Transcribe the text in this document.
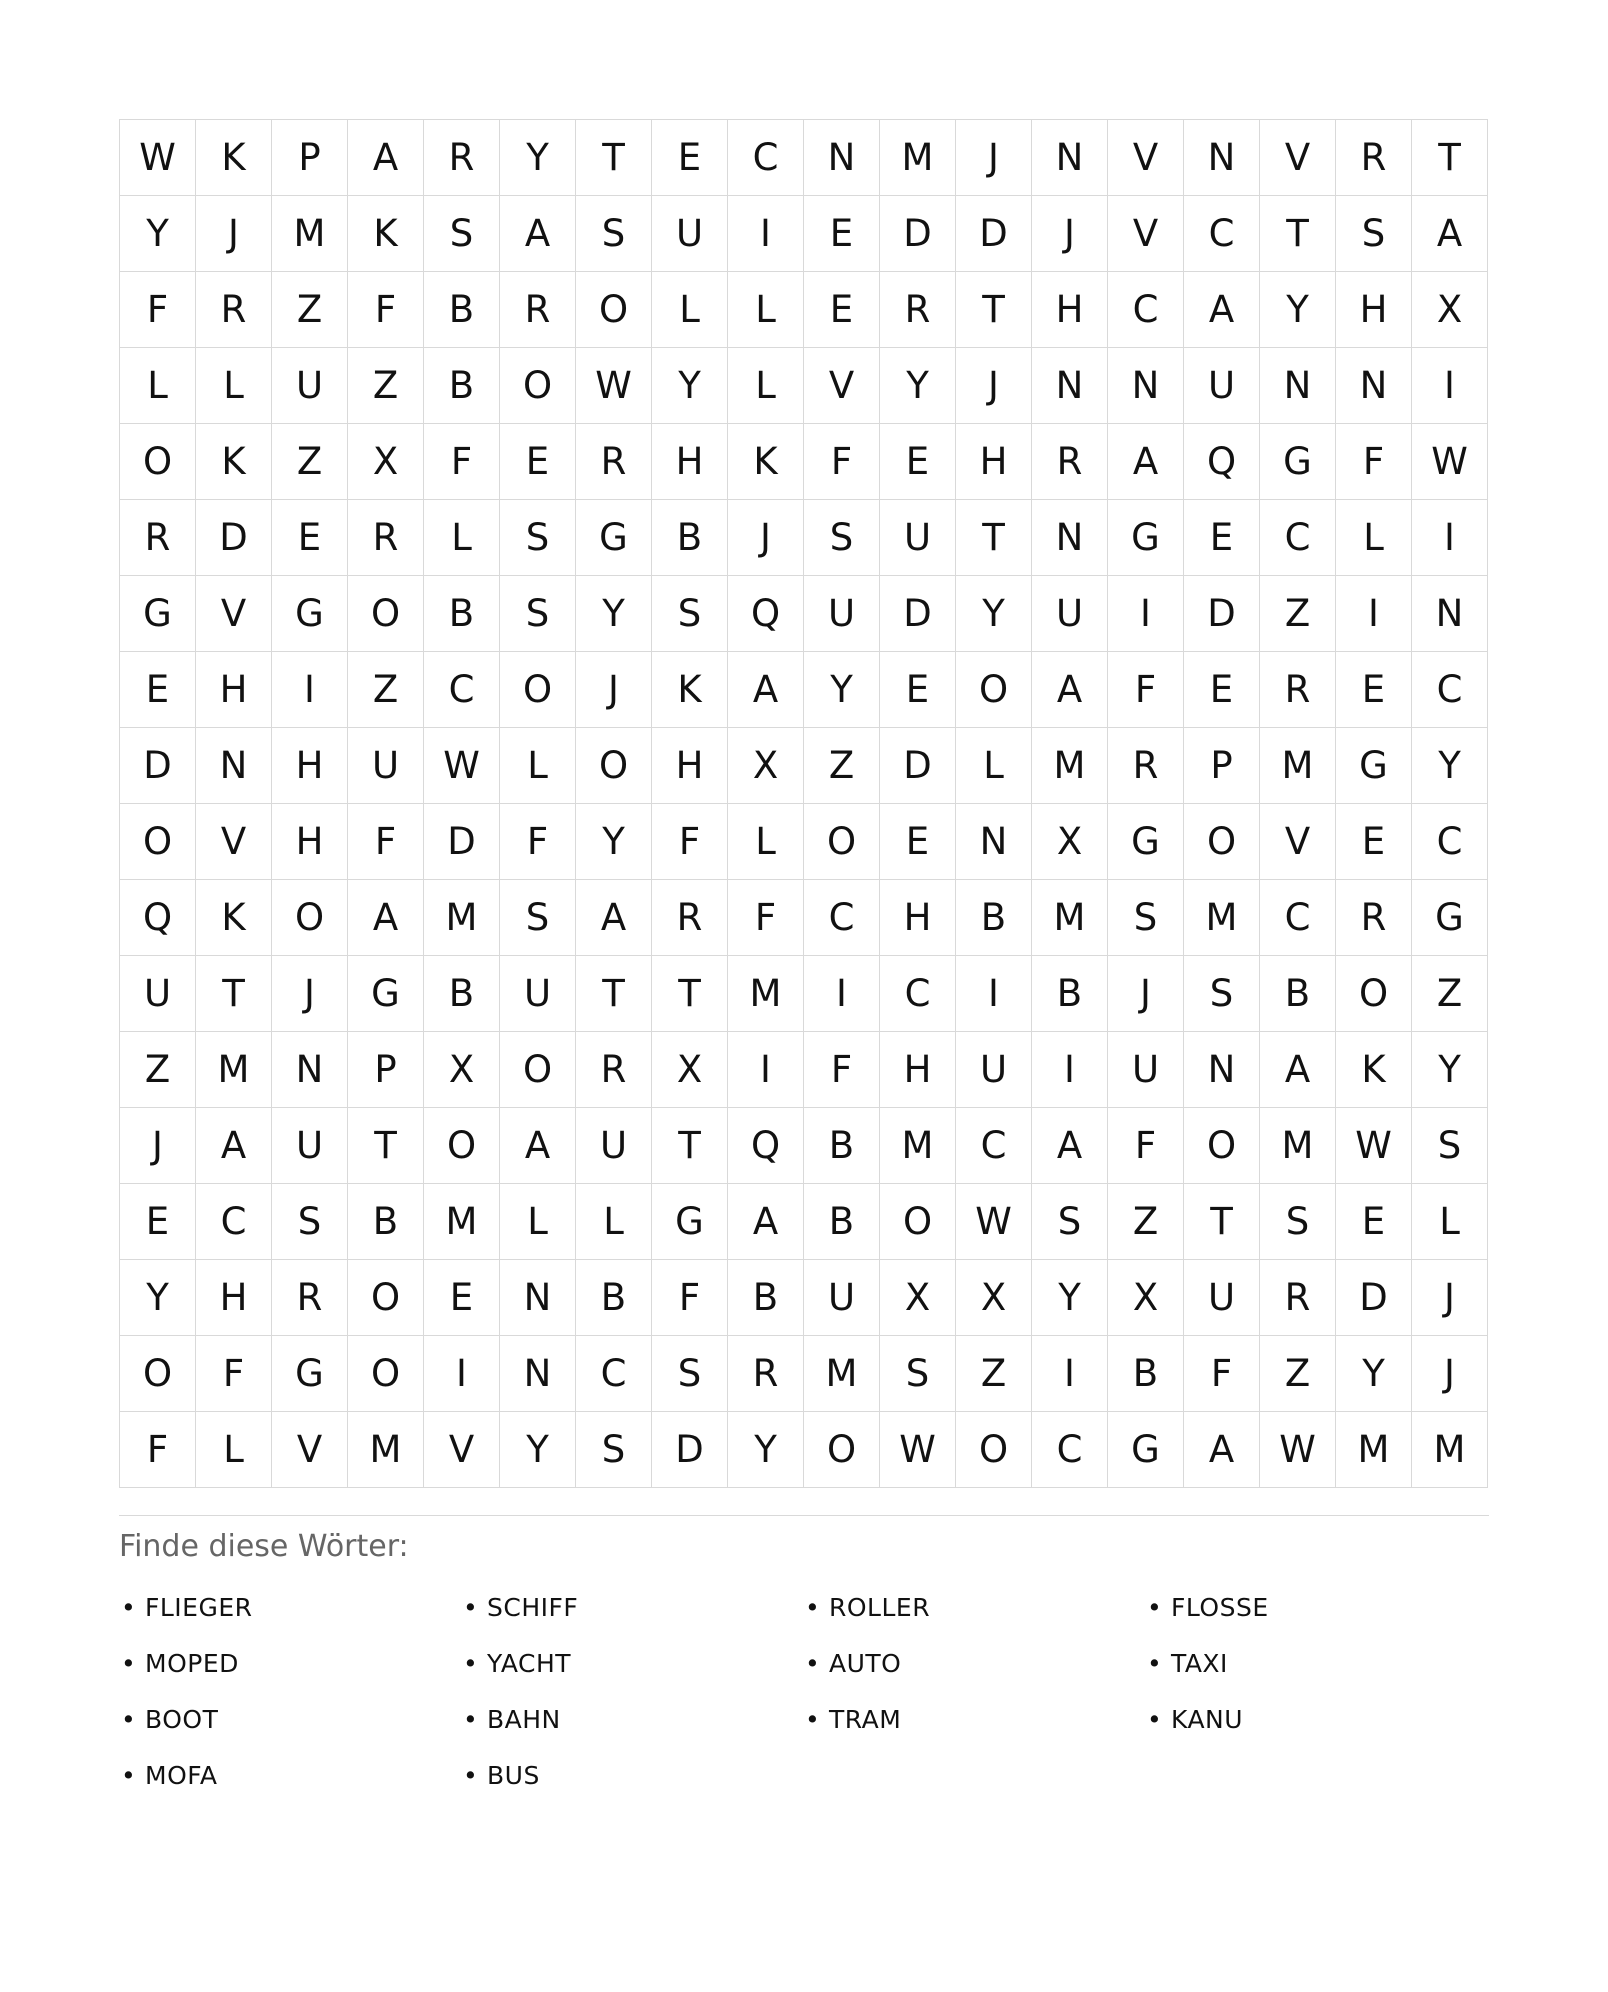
W	K	P	A	R	Y	T	E	C	N	M	J	N	V	N	V	R	T
Y	J	M	K	S	A	S	U	I	E	D	D	J	V	C	T	S	A
F	R	Z	F	B	R	O	L	L	E	R	T	H	C	A	Y	H	X
L	L	U	Z	B	O	W	Y	L	V	Y	J	N	N	U	N	N	I
O	K	Z	X	F	E	R	H	K	F	E	H	R	A	Q	G	F	W
R	D	E	R	L	S	G	B	J	S	U	T	N	G	E	C	L	I
G	V	G	O	B	S	Y	S	Q	U	D	Y	U	I	D	Z	I	N
E	H	I	Z	C	O	J	K	A	Y	E	O	A	F	E	R	E	C
D	N	H	U	W	L	O	H	X	Z	D	L	M	R	P	M	G	Y
O	V	H	F	D	F	Y	F	L	O	E	N	X	G	O	V	E	C
Q	K	O	A	M	S	A	R	F	C	H	B	M	S	M	C	R	G
U	T	J	G	B	U	T	T	M	I	C	I	B	J	S	B	O	Z
Z	M	N	P	X	O	R	X	I	F	H	U	I	U	N	A	K	Y
J	A	U	T	O	A	U	T	Q	B	M	C	A	F	O	M	W	S
E	C	S	B	M	L	L	G	A	B	O	W	S	Z	T	S	E	L
Y	H	R	O	E	N	B	F	B	U	X	X	Y	X	U	R	D	J
O	F	G	O	I	N	C	S	R	M	S	Z	I	B	F	Z	Y	J
F	L	V	M	V	Y	S	D	Y	O	W	O	C	G	A	W	M	M
Finde diese Wörter:
• FLIEGER	• SCHIFF	• ROLLER	• FLOSSE
• MOPED	• YACHT	• AUTO	• TAXI
• BOOT	• BAHN	• TRAM	• KANU
• MOFA	• BUS
